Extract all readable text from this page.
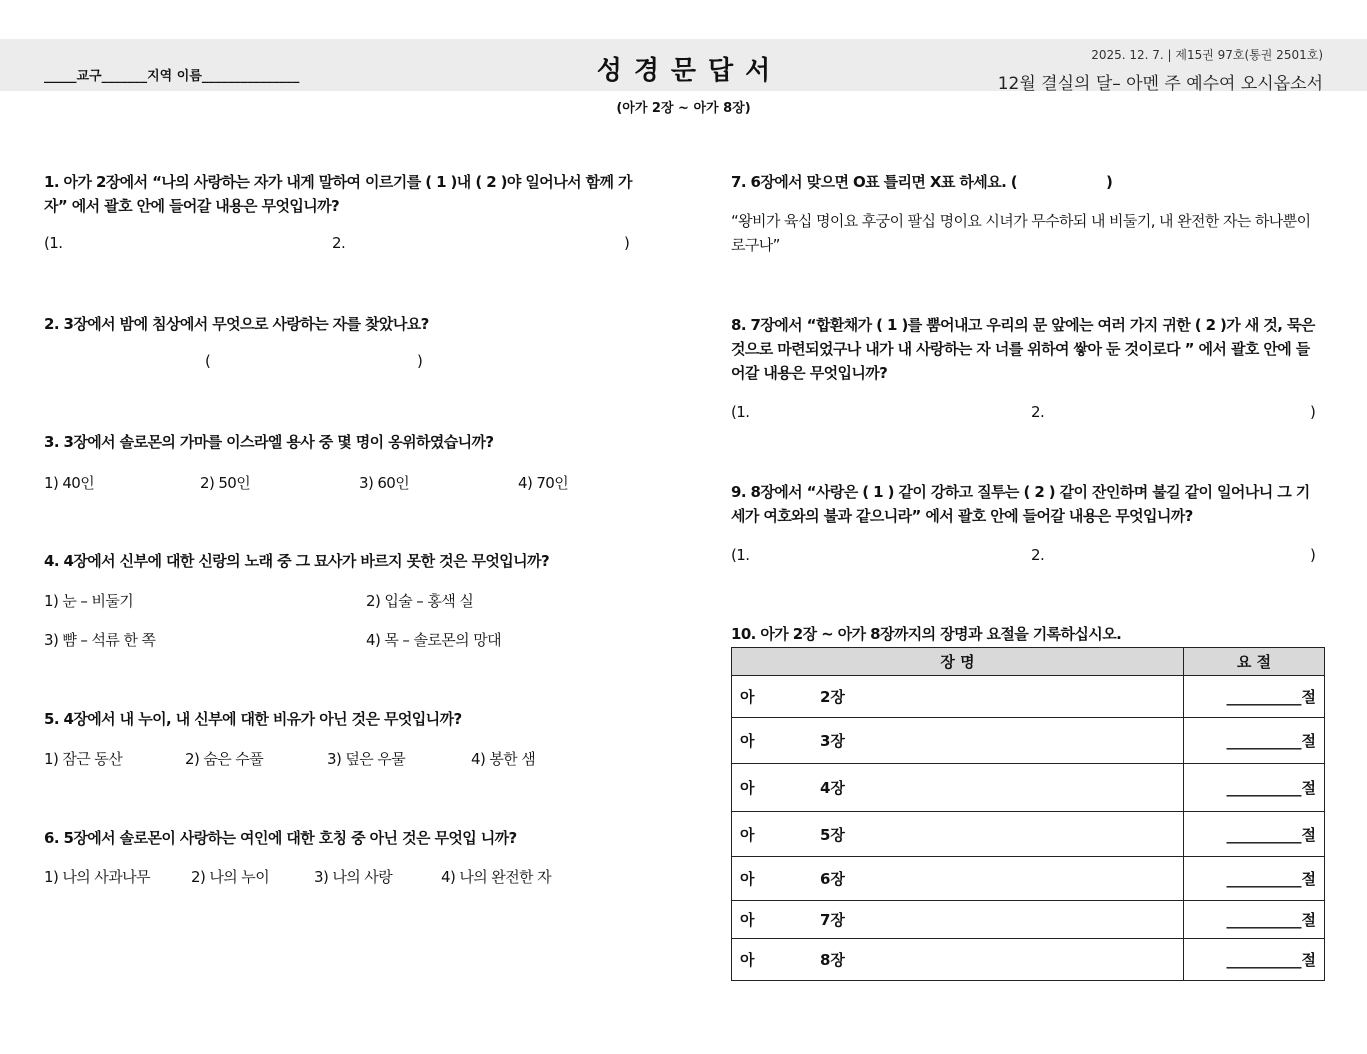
_____교구_______지역 이름_______________	성경문답서
(아가 2장 ~ 아가 8장)
2025. 12. 7. | 제15권 97호(통권 2501호)
12월 결실의 달– 아멘 주 예수여 오시옵소서
1. 아가 2장에서 “나의 사랑하는 자가 내게 말하여 이르기를 ( 1 )내 ( 2 )야 일어나서 함께 가자” 에서 괄호 안에 들어갈 내용은 무엇입니까?
(1.	2.	)
2. 3장에서 밤에 침상에서 무엇으로 사랑하는 자를 찾았나요?
(	)
3. 3장에서 솔로몬의 가마를 이스라엘 용사 중 몇 명이 옹위하였습니까?
1) 40인	2) 50인	3) 60인	4) 70인
4. 4장에서 신부에 대한 신랑의 노래 중 그 묘사가 바르지 못한 것은 무엇입니까?
1) 눈 – 비둘기	2) 입술 – 홍색 실
3) 뺨 – 석류 한 쪽	4) 목 – 솔로몬의 망대
5. 4장에서 내 누이, 내 신부에 대한 비유가 아닌 것은 무엇입니까?
1) 잠근 동산	2) 숨은 수풀	3) 덮은 우물	4) 봉한 샘
6. 5장에서 솔로몬이 사랑하는 여인에 대한 호칭 중 아닌 것은 무엇입 니까?
1) 나의 사과나무	2) 나의 누이	3) 나의 사랑	4) 나의 완전한 자
7. 6장에서 맞으면 O표 틀리면 X표 하세요. (	)
“왕비가 육십 명이요 후궁이 팔십 명이요 시녀가 무수하되 내 비둘기, 내 완전한 자는 하나뿐이로구나”
8. 7장에서 “합환채가 ( 1 )를 뿜어내고 우리의 문 앞에는 여러 가지 귀한 ( 2 )가 새 것, 묵은 것으로 마련되었구나 내가 내 사랑하는 자 너를 위하여 쌓아 둔 것이로다 ” 에서 괄호 안에 들어갈 내용은 무엇입니까?
(1.	2.	)
9. 8장에서 “사랑은 ( 1 ) 같이 강하고 질투는 ( 2 ) 같이 잔인하며 불길 같이 일어나니 그 기세가 여호와의 불과 같으니라” 에서 괄호 안에 들어갈 내용은 무엇입니까?
(1.	2.	)
10. 아가 2장 ~ 아가 8장까지의 장명과 요절을 기록하십시오.
장 명	요 절
아 2장	__________절
아 3장	__________절
아 4장	__________절
아 5장	__________절
아 6장	__________절
아 7장	__________절
아 8장	__________절
